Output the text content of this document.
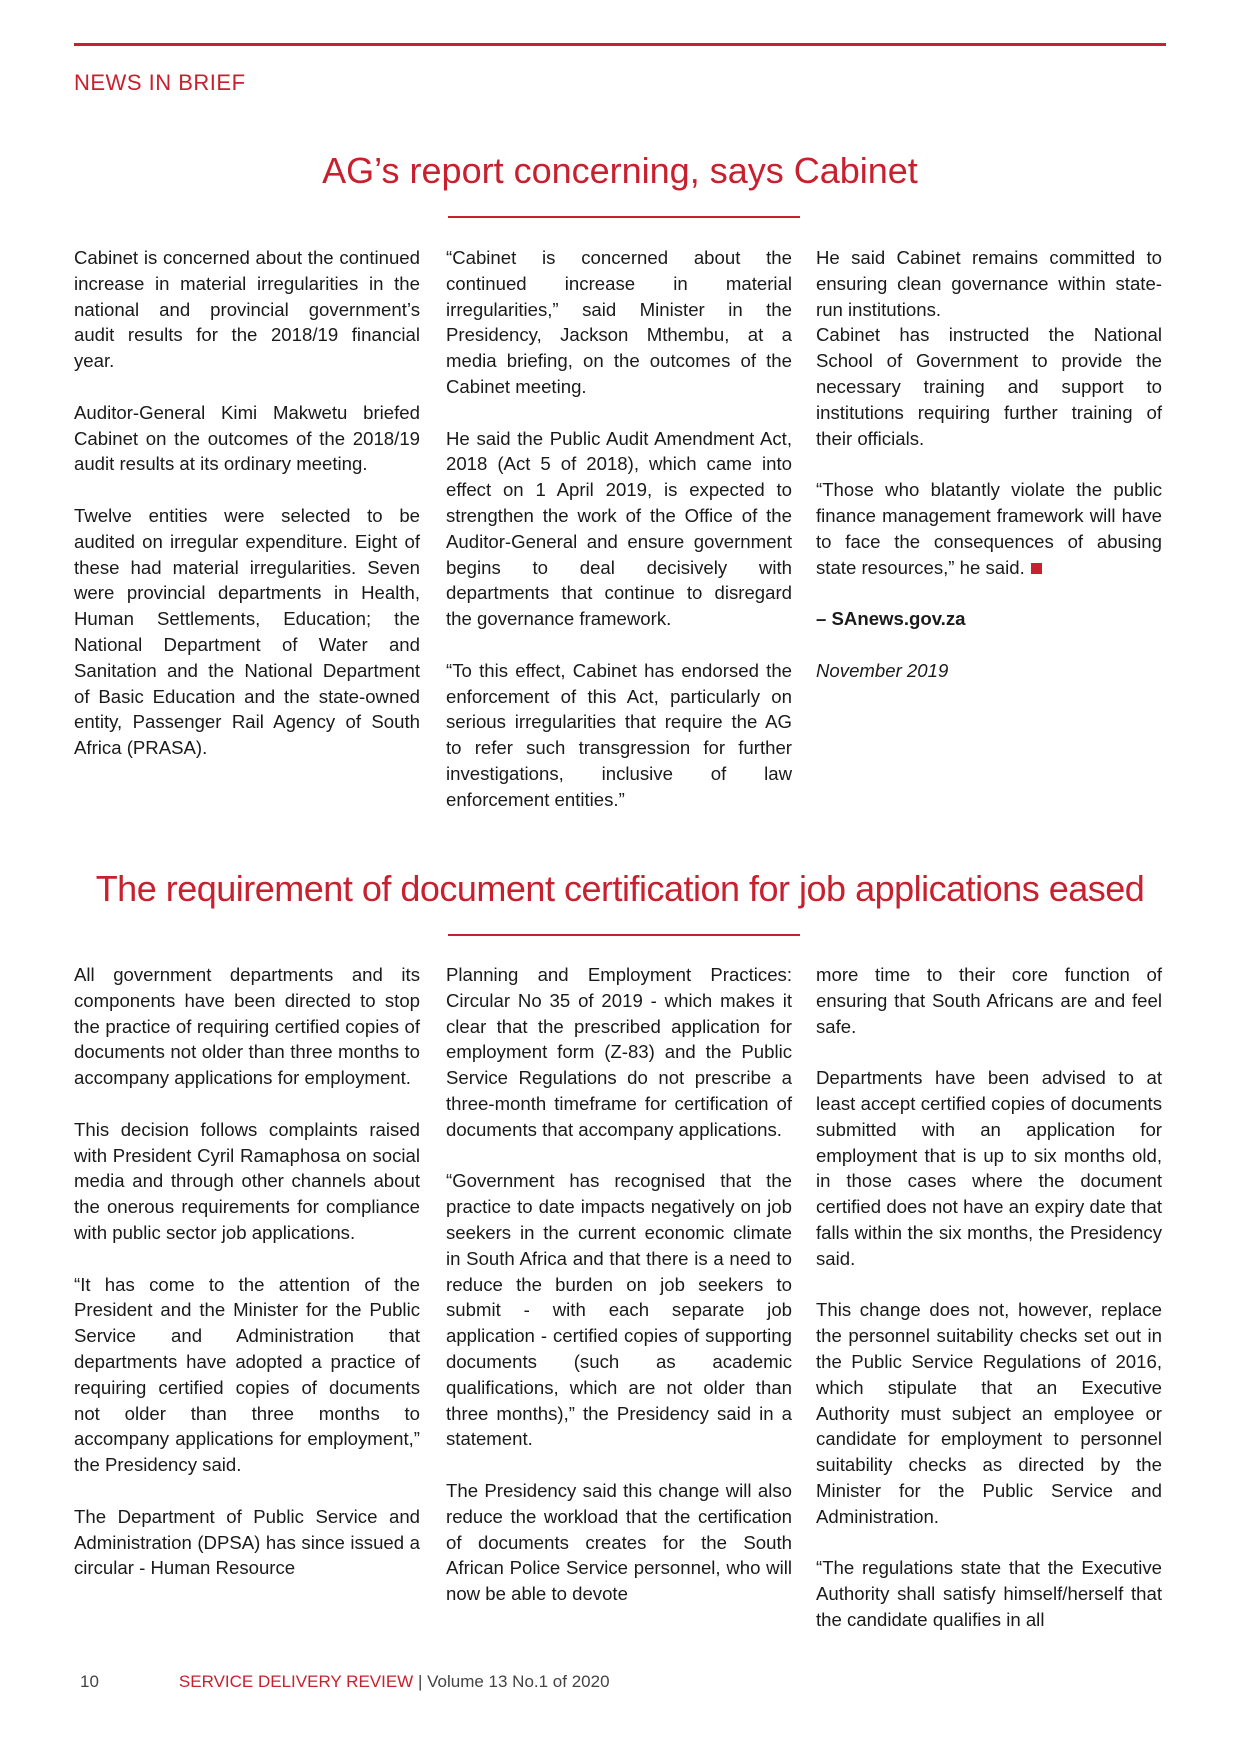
NEWS IN BRIEF
AG’s report concerning, says Cabinet

Cabinet is concerned about the continued increase in material irregularities in the national and provincial government’s audit results for the 2018/19 financial year.

Auditor-General Kimi Makwetu briefed Cabinet on the outcomes of the 2018/19 audit results at its ordinary meeting.

Twelve entities were selected to be audited on irregular expenditure. Eight of these had material irregularities. Seven were provincial departments in Health, Human Settlements, Education; the National Department of Water and Sanitation and the National Department of Basic Education and the state-owned entity, Passenger Rail Agency of South Africa (PRASA).

“Cabinet is concerned about the continued increase in material irregularities,” said Minister in the Presidency, Jackson Mthembu, at a media briefing, on the outcomes of the Cabinet meeting.

He said the Public Audit Amendment Act, 2018 (Act 5 of 2018), which came into effect on 1 April 2019, is expected to strengthen the work of the Office of the Auditor-General and ensure government begins to deal decisively with departments that continue to disregard the governance framework.

“To this effect, Cabinet has endorsed the enforcement of this Act, particularly on serious irregularities that require the AG to refer such transgression for further investigations, inclusive of law enforcement entities.”

He said Cabinet remains committed to ensuring clean governance within state-run institutions.

Cabinet has instructed the National School of Government to provide the necessary training and support to institutions requiring further training of their officials.

“Those who blatantly violate the public finance management framework will have to face the consequences of abusing state resources,” he said.

– SAnews.gov.za

November 2019

The requirement of document certification for job applications eased

All government departments and its components have been directed to stop the practice of requiring certified copies of documents not older than three months to accompany applications for employment.

This decision follows complaints raised with President Cyril Ramaphosa on social media and through other channels about the onerous requirements for compliance with public sector job applications.

“It has come to the attention of the President and the Minister for the Public Service and Administration that departments have adopted a practice of requiring certified copies of documents not older than three months to accompany applications for employment,” the Presidency said.

The Department of Public Service and Administration (DPSA) has since issued a circular - Human Resource

Planning and Employment Practices: Circular No 35 of 2019 - which makes it clear that the prescribed application for employment form (Z-83) and the Public Service Regulations do not prescribe a three-month timeframe for certification of documents that accompany applications.

“Government has recognised that the practice to date impacts negatively on job seekers in the current economic climate in South Africa and that there is a need to reduce the burden on job seekers to submit - with each separate job application - certified copies of supporting documents (such as academic qualifications, which are not older than three months),” the Presidency said in a statement.

The Presidency said this change will also reduce the workload that the certification of documents creates for the South African Police Service personnel, who will now be able to devote

more time to their core function of ensuring that South Africans are and feel safe.

Departments have been advised to at least accept certified copies of documents submitted with an application for employment that is up to six months old, in those cases where the document certified does not have an expiry date that falls within the six months, the Presidency said.

This change does not, however, replace the personnel suitability checks set out in the Public Service Regulations of 2016, which stipulate that an Executive Authority must subject an employee or candidate for employment to personnel suitability checks as directed by the Minister for the Public Service and Administration.

“The regulations state that the Executive Authority shall satisfy himself/herself that the candidate qualifies in all

10	SERVICE DELIVERY REVIEW | Volume 13 No.1 of 2020
